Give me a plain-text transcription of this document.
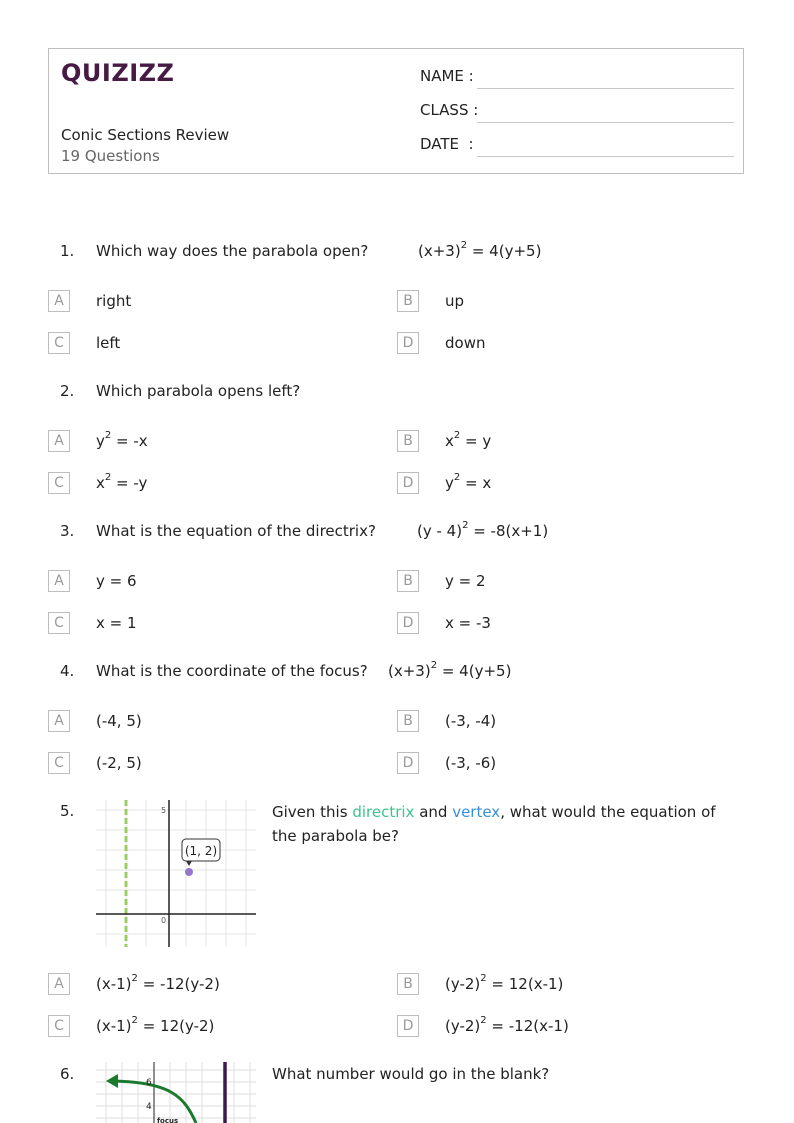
QUIZIZZ
Conic Sections Review
19 Questions
NAME :
CLASS :
DATE  :
1. Which way does the parabola open?	$(x+3)^2 = 4(y+5)$
A	right	B	up
C	left	D	down
2. Which parabola opens left?
A	$y^2 = -x$	B	$x^2 = y$
C	$x^2 = -y$	D	$y^2 = x$
3. What is the equation of the directrix?	(y - 4)$^2$ = -8(x+1)
A	y = 6	B	y = 2
C	x = 1	D	x = -3
4. What is the coordinate of the focus? $(x+3)^2 = 4(y+5)$
A	(-4, 5)	B	(-3, -4)
C	(-2, 5)	D	(-3, -6)
5.	5
0
(1, 2)
Given this directrix and vertex, what would the equation of the parabola be?
A	$(x-1)^2 = -12(y-2)$	B	$(y-2)^2 = 12(x-1)$
C	$(x-1)^2 = 12(y-2)$	D	$(y-2)^2 = -12(x-1)$
6.	6
4
focus
What number would go in the blank?
